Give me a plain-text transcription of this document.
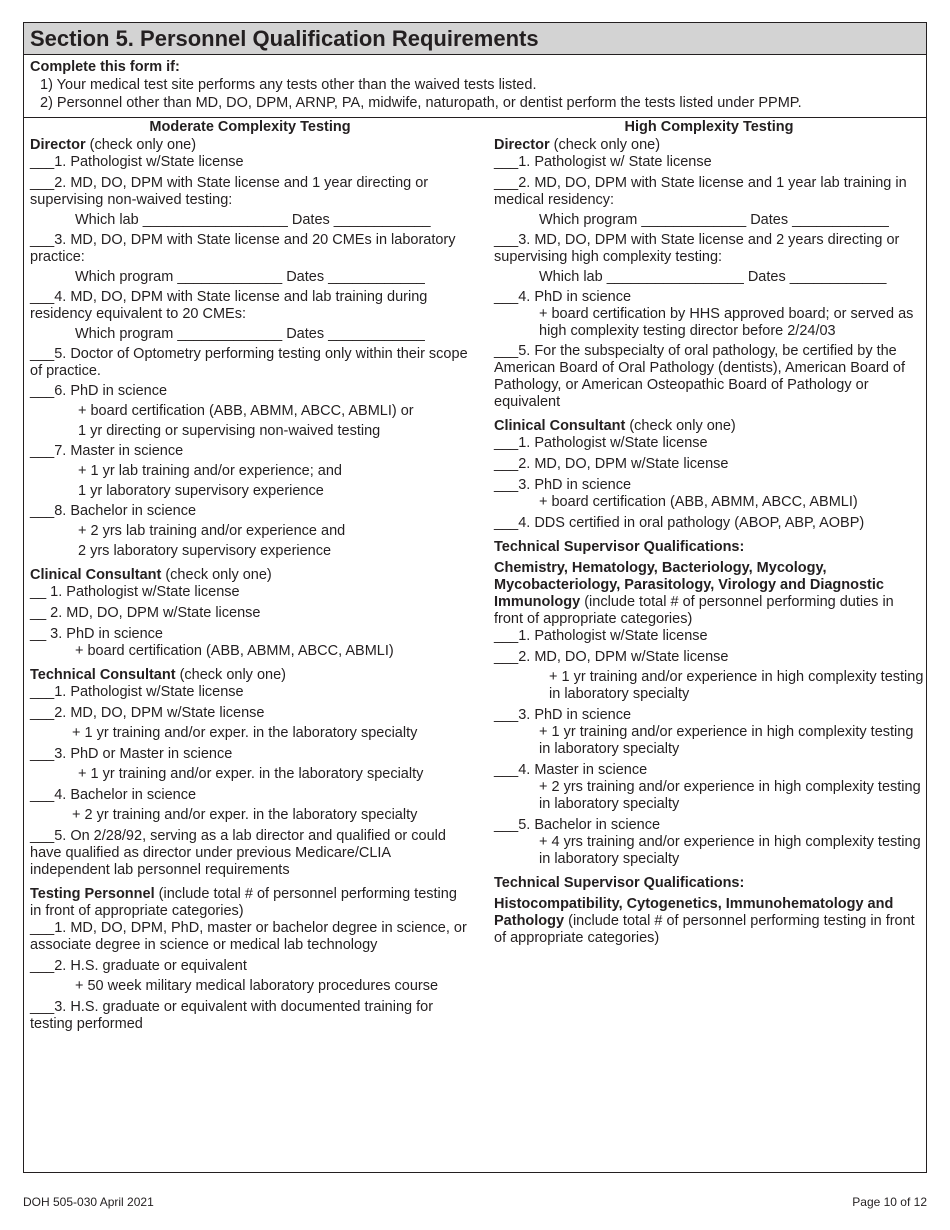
Section 5. Personnel Qualification Requirements
Complete this form if:
1) Your medical test site performs any tests other than the waived tests listed.
2) Personnel other than MD, DO, DPM, ARNP, PA, midwife, naturopath, or dentist perform the tests listed under PPMP.
Moderate Complexity Testing
Director (check only one)
___1. Pathologist w/State license
___2. MD, DO, DPM with State license and 1 year directing or supervising non-waived testing:
Which lab __________________ Dates ____________
___3. MD, DO, DPM with State license and 20 CMEs in laboratory practice:
Which program _____________ Dates ____________
___4. MD, DO, DPM with State license and lab training during residency equivalent to 20 CMEs:
Which program _____________ Dates ____________
___5. Doctor of Optometry performing testing only within their scope of practice.
___6. PhD in science
+ board certification (ABB, ABMM, ABCC, ABMLI) or
1 yr directing or supervising non-waived testing
___7. Master in science
+ 1 yr lab training and/or experience; and
1 yr laboratory supervisory experience
___8. Bachelor in science
+ 2 yrs lab training and/or experience and
2 yrs laboratory supervisory experience
Clinical Consultant (check only one)
__ 1. Pathologist w/State license
__ 2. MD, DO, DPM w/State license
__ 3. PhD in science
+ board certification (ABB, ABMM, ABCC, ABMLI)
Technical Consultant (check only one)
___1. Pathologist w/State license
___2. MD, DO, DPM w/State license
+ 1 yr training and/or exper. in the laboratory specialty
___3. PhD or Master in science
+ 1 yr training and/or exper. in the laboratory specialty
___4. Bachelor in science
+ 2 yr training and/or exper. in the laboratory specialty
___5. On 2/28/92, serving as a lab director and qualified or could have qualified as director under previous Medicare/CLIA independent lab personnel requirements
Testing Personnel (include total # of personnel performing testing in front of appropriate categories)
___1. MD, DO, DPM, PhD, master or bachelor degree in science, or associate degree in science or medical lab technology
___2. H.S. graduate or equivalent
+ 50 week military medical laboratory procedures course
___3. H.S. graduate or equivalent with documented training for testing performed
High Complexity Testing
Director (check only one)
___1. Pathologist w/ State license
___2. MD, DO, DPM with State license and 1 year lab training in medical residency:
Which program _____________ Dates ____________
___3. MD, DO, DPM with State license and 2 years directing or supervising high complexity testing:
Which lab _________________ Dates ____________
___4. PhD in science
+ board certification by HHS approved board; or served as high complexity testing director before 2/24/03
___5. For the subspecialty of oral pathology, be certified by the American Board of Oral Pathology (dentists), American Board of Pathology, or American Osteopathic Board of Pathology or equivalent
Clinical Consultant (check only one)
___1. Pathologist w/State license
___2. MD, DO, DPM w/State license
___3. PhD in science
+ board certification (ABB, ABMM, ABCC, ABMLI)
___4. DDS certified in oral pathology (ABOP, ABP, AOBP)
Technical Supervisor Qualifications:
Chemistry, Hematology, Bacteriology, Mycology, Mycobacteriology, Parasitology, Virology and Diagnostic Immunology (include total # of personnel performing duties in front of appropriate categories)
___1. Pathologist w/State license
___2. MD, DO, DPM w/State license
+ 1 yr training and/or experience in high complexity testing in laboratory specialty
___3. PhD in science
+ 1 yr training and/or experience in high complexity testing in laboratory specialty
___4. Master in science
+ 2 yrs training and/or experience in high complexity testing in laboratory specialty
___5. Bachelor in science
+ 4 yrs training and/or experience in high complexity testing in laboratory specialty
Technical Supervisor Qualifications:
Histocompatibility, Cytogenetics, Immunohematology and Pathology (include total # of personnel performing testing in front of appropriate categories)
DOH 505-030 April 2021	Page 10 of 12
